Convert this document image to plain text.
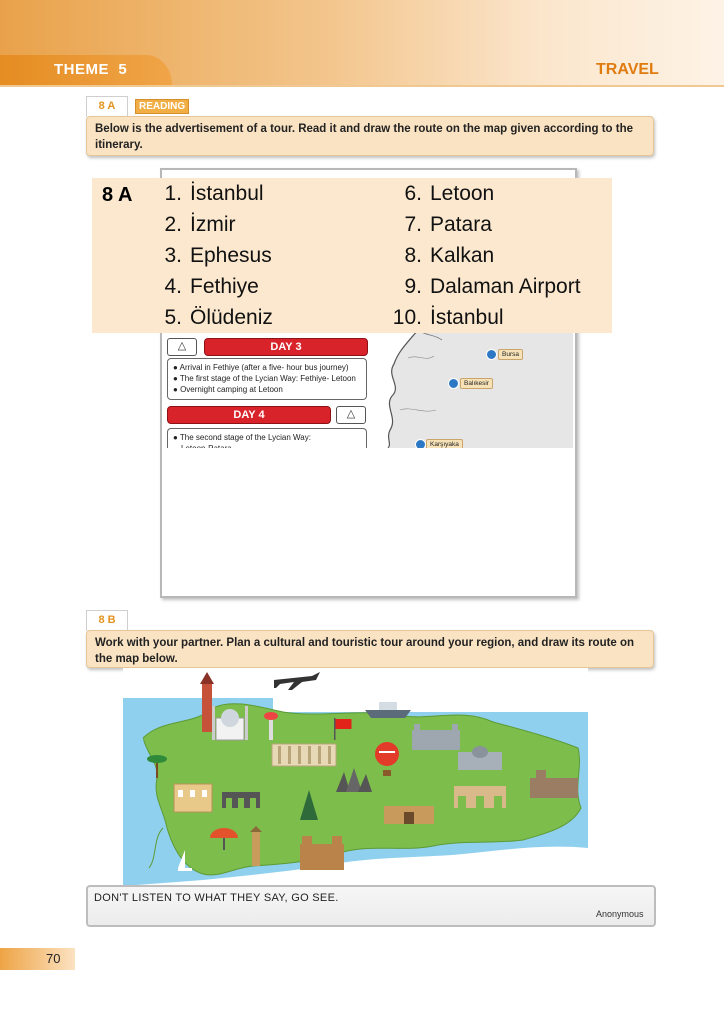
THEME  5	TRAVEL
8 A	READING
Below is the advertisement of a tour. Read it and draw the route on the map given according to the itinerary.
Bursa
Balıkesir
Karşıyaka
△	DAY 3
● Arrival in Fethiye (after a five- hour bus journey)
● The first stage of the Lycian Way: Fethiye- Letoon
● Overnight camping at Letoon
DAY 4	△
● The second stage of the Lycian Way:
8 A	1. İstanbul
2. İzmir
3. Ephesus
4. Fethiye
5. Ölüdeniz
6. Letoon
7. Patara
8. Kalkan
9. Dalaman Airport
10. İstanbul
8 B
Work with your partner. Plan a cultural and touristic tour around your region, and draw its route on the map below.
DON'T LISTEN TO WHAT THEY SAY, GO SEE.
Anonymous
70
